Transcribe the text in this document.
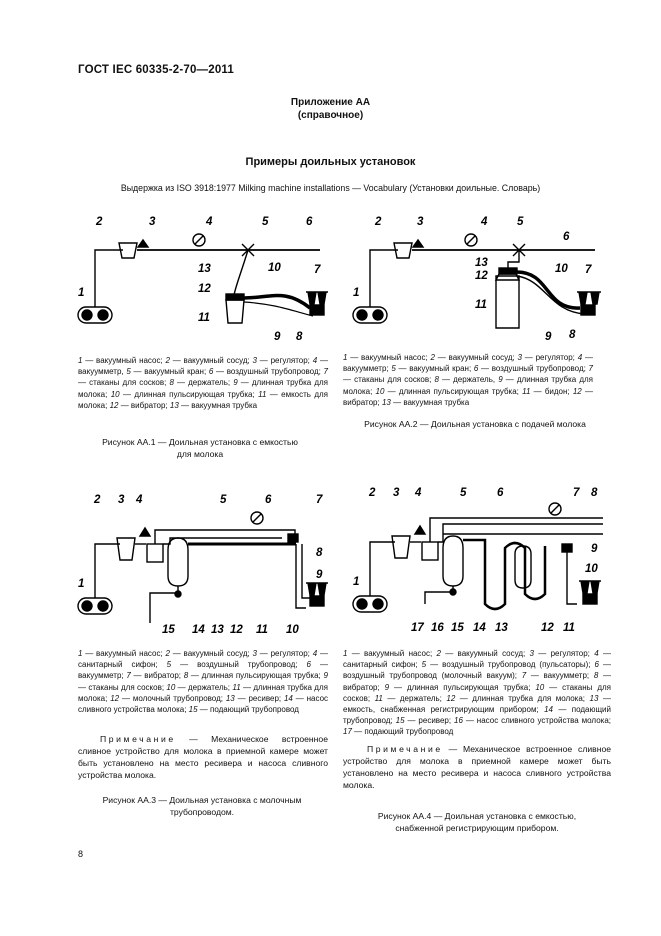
ГОСТ IEC 60335-2-70—2011
Приложение АА
(справочное)
Примеры доильных установок
Выдержка из ISO 3918:1977 Milking machine installations — Vocabulary (Установки доильные. Словарь)
1
2	3	4	5	6
7
8
9
10
11
12
13
1 — вакуумный насос; 2 — вакуумный сосуд; 3 — регулятор; 4 — вакуумметр, 5 — вакуумный кран; 6 — воздушный трубопровод; 7 — стаканы для сосков; 8 — держатель; 9 — длинная трубка для молока; 10 — длинная пульсирующая трубка; 11 — емкость для молока; 12 — вибратор; 13 — вакуумная трубка
Рисунок АА.1 — Доильная установка с емкостью
для молока
1
2	3	4	5
6
7
8
9
10
11
12
13
1 — вакуумный насос; 2 — вакуумный сосуд; 3 — регулятор; 4 — вакуумметр; 5 — вакуумный кран; 6 — воздушный трубопровод; 7 — стаканы для сосков; 8 — держатель, 9 — длинная трубка для молока; 10 — длинная пульсирующая трубка; 11 — бидон; 12 — вибратор; 13 — вакуумная трубка
Рисунок АА.2 — Доильная установка с подачей молока
1
2 3 4	5	6	7
8
9
10
11
12
13
14
15
1 — вакуумный насос; 2 — вакуумный сосуд; 3 — регулятор; 4 — санитарный сифон; 5 — воздушный трубопровод; 6 — вакуумметр; 7 — вибратор; 8 — длинная пульсирующая трубка; 9 — стаканы для сосков; 10 — держатель; 11 — длинная трубка для молока; 12 — молочный трубопровод; 13 — ресивер; 14 — насос сливного устройства молока; 15 — подающий трубопровод
Примечание — Механическое встроенное сливное устройство для молока в приемной камере может быть установлено на место ресивера и насоса сливного устройства молока.
Рисунок АА.3 — Доильная установка с молочным
трубопроводом.
1
2 3 4	5	6	7 8
9
10
11
12
13
14
15
16
17
1 — вакуумный насос; 2 — вакуумный сосуд; 3 — регулятор; 4 — санитарный сифон; 5 — воздушный трубопровод (пульсаторы); 6 — воздушный трубопровод (молочный вакуум); 7 — вакуумметр; 8 — вибратор; 9 — длинная пульсирующая трубка; 10 — стаканы для сосков; 11 — держатель; 12 — длинная трубка для молока; 13 — емкость, снабженная регистрирующим прибором; 14 — подающий трубопровод; 15 — ресивер; 16 — насос сливного устройства молока; 17 — подающий трубопровод
Примечание — Механическое встроенное сливное устройство для молока в приемной камере может быть установлено на место ресивера и насоса сливного устройства молока.
Рисунок АА.4 — Доильная установка с емкостью,
снабженной регистрирующим прибором.
8
